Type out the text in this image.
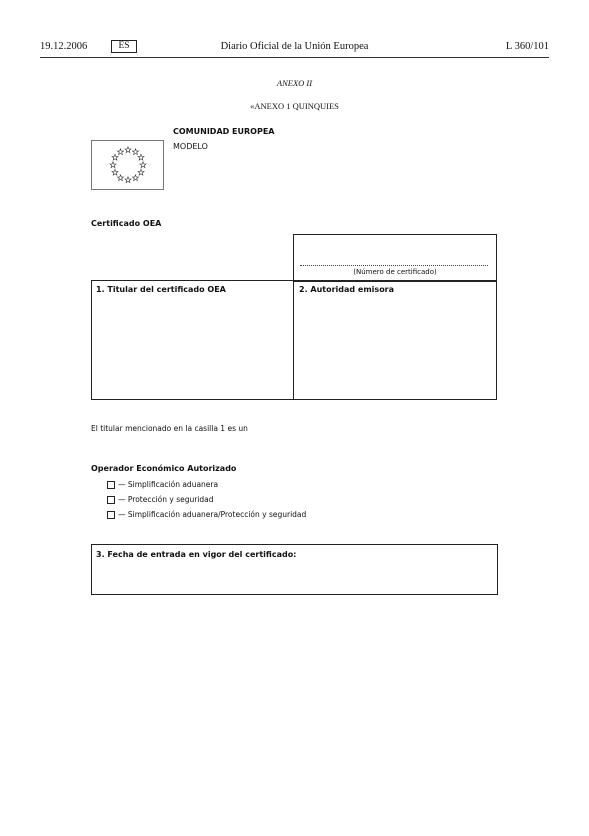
19.12.2006	ES	Diario Oficial de la Unión Europea	L 360/101
ANEXO II
«ANEXO 1 QUINQUIES
COMUNIDAD EUROPEA
MODELO
Certificado OEA
(Número de certificado)
1. Titular del certificado OEA	2. Autoridad emisora
El titular mencionado en la casilla 1 es un
Operador Económico Autorizado
— Simplificación aduanera
— Protección y seguridad
— Simplificación aduanera/Protección y seguridad
3. Fecha de entrada en vigor del certificado:
